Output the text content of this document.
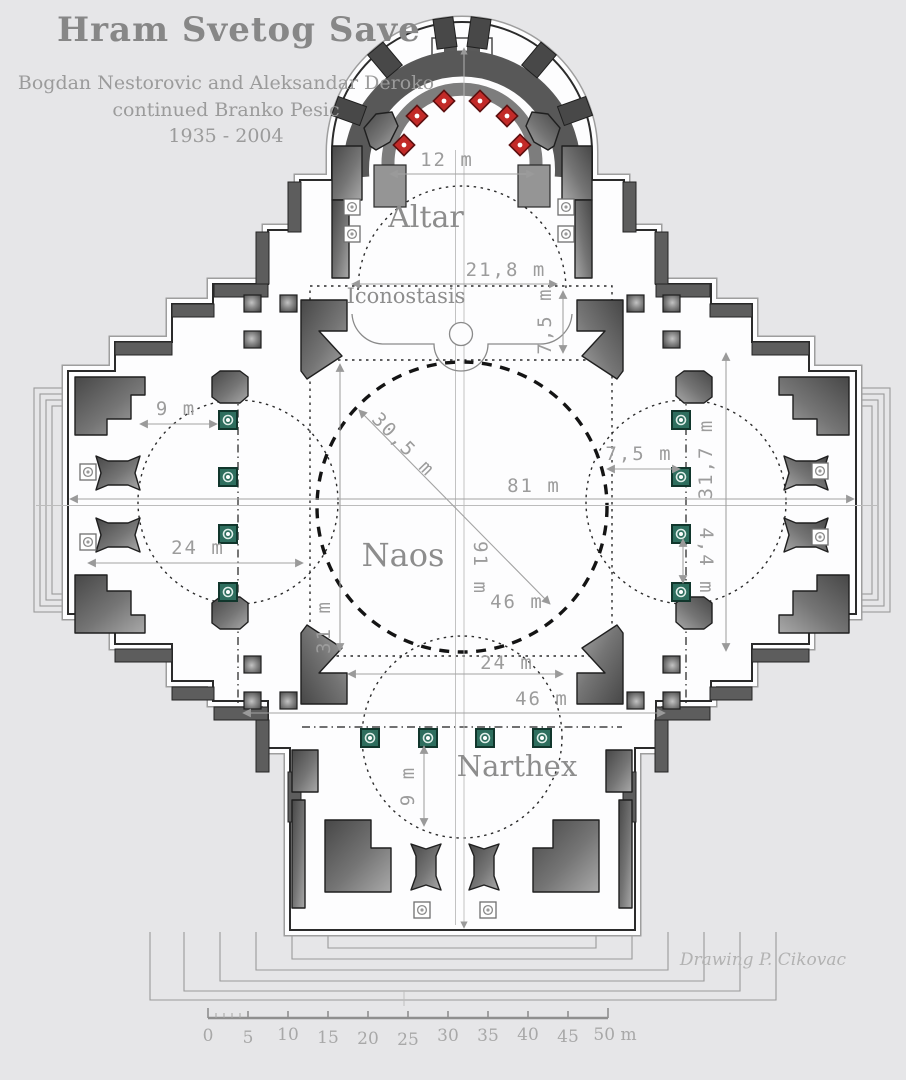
12 m
21,8 m
7,5 m
9 m
24 m
81 m
30,5 m
46 m
91 m
7,5 m 31,7 m
4,4 m
31 m
24 m
46 m
9 m
Altar
Iconostasis
Naos
Narthex
0 5 10 15 20 25 30 35 40 45 50 m
Hram Svetog Save
Bogdan Nestorovic and Aleksandar Deroko
continued Branko Pesic
1935 - 2004
Drawing P. Cikovac
